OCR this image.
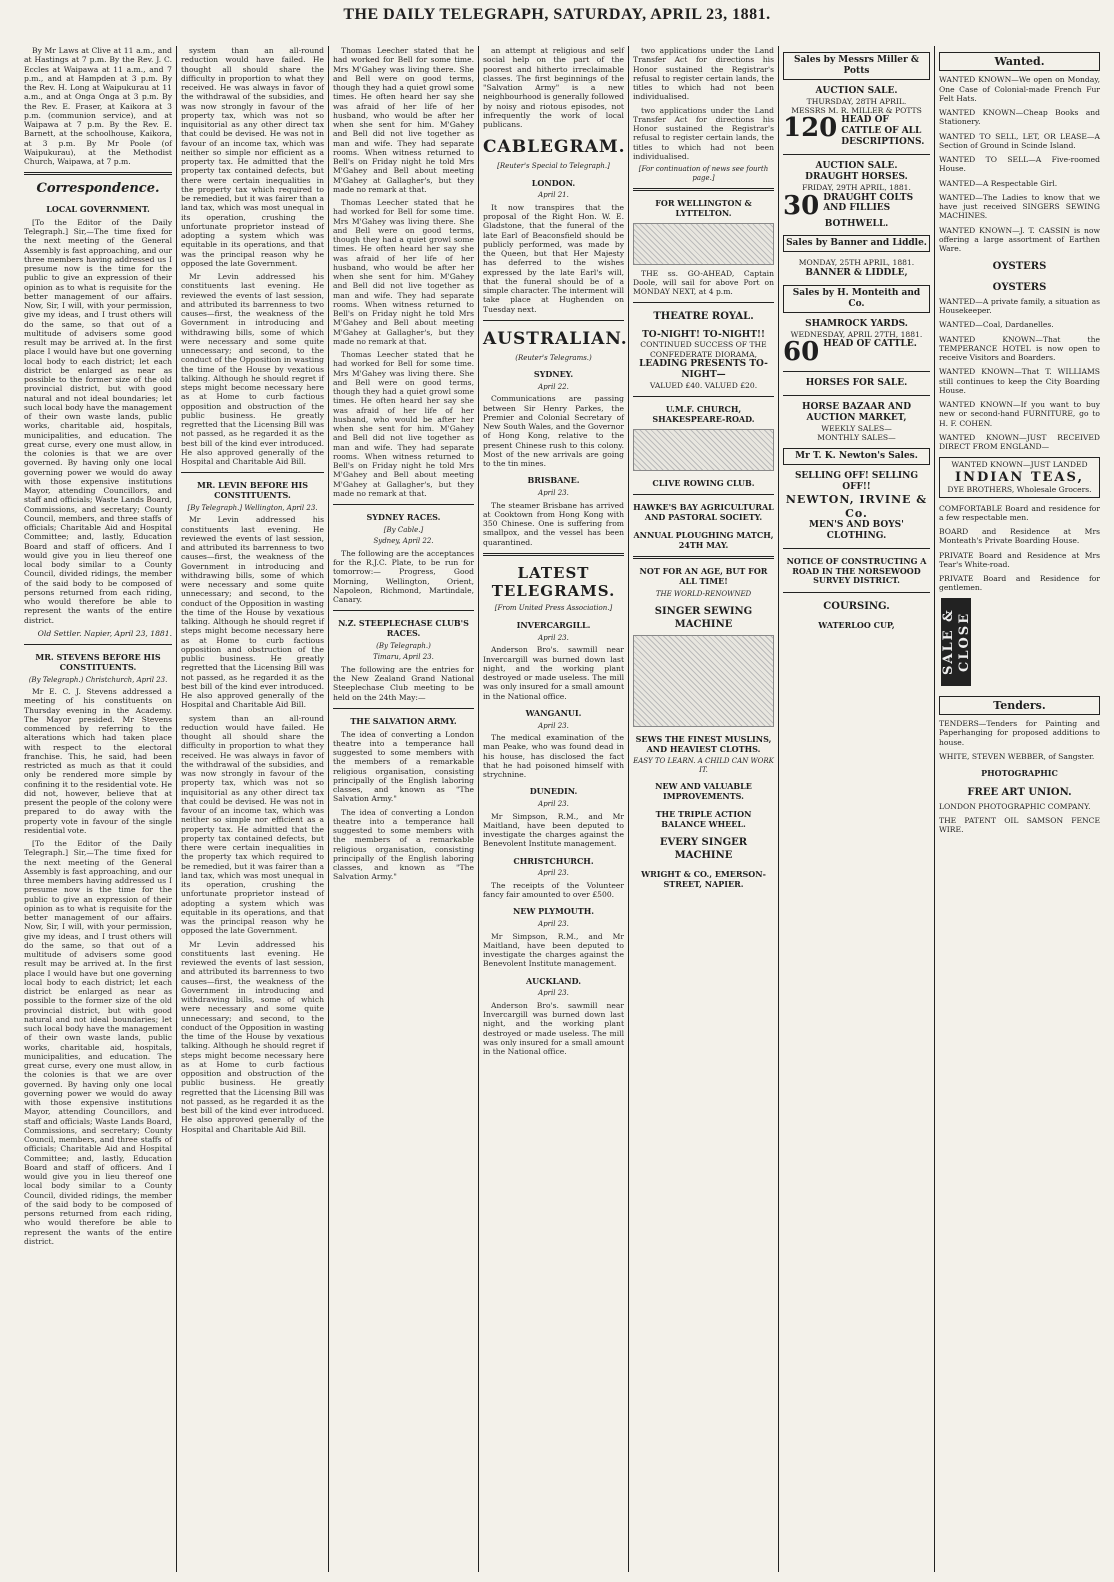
THE DAILY TELEGRAPH, SATURDAY, APRIL 23, 1881.

By Mr Laws at Clive at 11 a.m., and at Hastings at 7 p.m. By the Rev. J. C. Eccles at Waipawa at 11 a.m., and 7 p.m., and at Hampden at 3 p.m. By the Rev. H. Long at Waipukurau at 11 a.m., and at Onga Onga at 3 p.m. By the Rev. E. Fraser, at Kaikora at 3 p.m. (communion service), and at Waipawa at 7 p.m. By the Rev. E. Barnett, at the schoolhouse, Kaikora, at 3 p.m. By Mr Poole (of Waipukurau), at the Methodist Church, Waipawa, at 7 p.m.

Correspondence.
LOCAL GOVERNMENT.

[To the Editor of the Daily Telegraph.] Sir,—The time fixed for the next meeting of the General Assembly is fast approaching, and our three members having addressed us I presume now is the time for the public to give an expression of their opinion as to what is requisite for the better management of our affairs. Now, Sir, I will, with your permission, give my ideas, and I trust others will do the same, so that out of a multitude of advisers some good result may be arrived at. In the first place I would have but one governing local body to each district; let each district be enlarged as near as possible to the former size of the old provincial district, but with good natural and not ideal boundaries; let such local body have the management of their own waste lands, public works, charitable aid, hospitals, municipalities, and education. The great curse, every one must allow, in the colonies is that we are over governed. By having only one local governing power we would do away with those expensive institutions Mayor, attending Councillors, and staff and officials; Waste Lands Board, Commissions, and secretary; County Council, members, and three staffs of officials; Charitable Aid and Hospital Committee; and, lastly, Education Board and staff of officers. And I would give you in lieu thereof one local body similar to a County Council, divided ridings, the member of the said body to be composed of persons returned from each riding, who would therefore be able to represent the wants of the entire district.

Old Settler. Napier, April 23, 1881.

MR. STEVENS BEFORE HIS CONSTITUENTS.
(By Telegraph.) Christchurch, April 23.

Mr E. C. J. Stevens addressed a meeting of his constituents on Thursday evening in the Academy. The Mayor presided. Mr Stevens commenced by referring to the alterations which had taken place with respect to the electoral franchise. This, he said, had been restricted as much as that it could only be rendered more simple by confining it to the residential vote. He did not, however, believe that at present the people of the colony were prepared to do away with the property vote in favour of the single residential vote.

[To the Editor of the Daily Telegraph.] Sir,—The time fixed for the next meeting of the General Assembly is fast approaching, and our three members having addressed us I presume now is the time for the public to give an expression of their opinion as to what is requisite for the better management of our affairs. Now, Sir, I will, with your permission, give my ideas, and I trust others will do the same, so that out of a multitude of advisers some good result may be arrived at. In the first place I would have but one governing local body to each district; let each district be enlarged as near as possible to the former size of the old provincial district, but with good natural and not ideal boundaries; let such local body have the management of their own waste lands, public works, charitable aid, hospitals, municipalities, and education. The great curse, every one must allow, in the colonies is that we are over governed. By having only one local governing power we would do away with those expensive institutions Mayor, attending Councillors, and staff and officials; Waste Lands Board, Commissions, and secretary; County Council, members, and three staffs of officials; Charitable Aid and Hospital Committee; and, lastly, Education Board and staff of officers. And I would give you in lieu thereof one local body similar to a County Council, divided ridings, the member of the said body to be composed of persons returned from each riding, who would therefore be able to represent the wants of the entire district.

system than an all-round reduction would have failed. He thought all should share the difficulty in proportion to what they received. He was always in favor of the withdrawal of the subsidies, and was now strongly in favour of the property tax, which was not so inquisitorial as any other direct tax that could be devised. He was not in favour of an income tax, which was neither so simple nor efficient as a property tax. He admitted that the property tax contained defects, but there were certain inequalities in the property tax which required to be remedied, but it was fairer than a land tax, which was most unequal in its operation, crushing the unfortunate proprietor instead of adopting a system which was equitable in its operations, and that was the principal reason why he opposed the late Government.

Mr Levin addressed his constituents last evening. He reviewed the events of last session, and attributed its barrenness to two causes—first, the weakness of the Government in introducing and withdrawing bills, some of which were necessary and some quite unnecessary; and second, to the conduct of the Opposition in wasting the time of the House by vexatious talking. Although he should regret if steps might become necessary here as at Home to curb factious opposition and obstruction of the public business. He greatly regretted that the Licensing Bill was not passed, as he regarded it as the best bill of the kind ever introduced. He also approved generally of the Hospital and Charitable Aid Bill.

MR. LEVIN BEFORE HIS CONSTITUENTS.
[By Telegraph.] Wellington, April 23.

Mr Levin addressed his constituents last evening. He reviewed the events of last session, and attributed its barrenness to two causes—first, the weakness of the Government in introducing and withdrawing bills, some of which were necessary and some quite unnecessary; and second, to the conduct of the Opposition in wasting the time of the House by vexatious talking. Although he should regret if steps might become necessary here as at Home to curb factious opposition and obstruction of the public business. He greatly regretted that the Licensing Bill was not passed, as he regarded it as the best bill of the kind ever introduced. He also approved generally of the Hospital and Charitable Aid Bill.

system than an all-round reduction would have failed. He thought all should share the difficulty in proportion to what they received. He was always in favor of the withdrawal of the subsidies, and was now strongly in favour of the property tax, which was not so inquisitorial as any other direct tax that could be devised. He was not in favour of an income tax, which was neither so simple nor efficient as a property tax. He admitted that the property tax contained defects, but there were certain inequalities in the property tax which required to be remedied, but it was fairer than a land tax, which was most unequal in its operation, crushing the unfortunate proprietor instead of adopting a system which was equitable in its operations, and that was the principal reason why he opposed the late Government.

Mr Levin addressed his constituents last evening. He reviewed the events of last session, and attributed its barrenness to two causes—first, the weakness of the Government in introducing and withdrawing bills, some of which were necessary and some quite unnecessary; and second, to the conduct of the Opposition in wasting the time of the House by vexatious talking. Although he should regret if steps might become necessary here as at Home to curb factious opposition and obstruction of the public business. He greatly regretted that the Licensing Bill was not passed, as he regarded it as the best bill of the kind ever introduced. He also approved generally of the Hospital and Charitable Aid Bill.

Thomas Leecher stated that he had worked for Bell for some time. Mrs M'Gahey was living there. She and Bell were on good terms, though they had a quiet growl some times. He often heard her say she was afraid of her life of her husband, who would be after her when she sent for him. M'Gahey and Bell did not live together as man and wife. They had separate rooms. When witness returned to Bell's on Friday night he told Mrs M'Gahey and Bell about meeting M'Gahey at Gallagher's, but they made no remark at that.

Thomas Leecher stated that he had worked for Bell for some time. Mrs M'Gahey was living there. She and Bell were on good terms, though they had a quiet growl some times. He often heard her say she was afraid of her life of her husband, who would be after her when she sent for him. M'Gahey and Bell did not live together as man and wife. They had separate rooms. When witness returned to Bell's on Friday night he told Mrs M'Gahey and Bell about meeting M'Gahey at Gallagher's, but they made no remark at that.

Thomas Leecher stated that he had worked for Bell for some time. Mrs M'Gahey was living there. She and Bell were on good terms, though they had a quiet growl some times. He often heard her say she was afraid of her life of her husband, who would be after her when she sent for him. M'Gahey and Bell did not live together as man and wife. They had separate rooms. When witness returned to Bell's on Friday night he told Mrs M'Gahey and Bell about meeting M'Gahey at Gallagher's, but they made no remark at that.

SYDNEY RACES.
[By Cable.]
Sydney, April 22.

The following are the acceptances for the R.J.C. Plate, to be run for tomorrow:— Progress, Good Morning, Wellington, Orient, Napoleon, Richmond, Martindale, Canary.

N.Z. STEEPLECHASE CLUB'S RACES.
(By Telegraph.)
Timaru, April 23.

The following are the entries for the New Zealand Grand National Steeplechase Club meeting to be held on the 24th May:—

THE SALVATION ARMY.

The idea of converting a London theatre into a temperance hall suggested to some members with the members of a remarkable religious organisation, consisting principally of the English laboring classes, and known as "The Salvation Army."

The idea of converting a London theatre into a temperance hall suggested to some members with the members of a remarkable religious organisation, consisting principally of the English laboring classes, and known as "The Salvation Army."

an attempt at religious and self social help on the part of the poorest and hitherto irreclaimable classes. The first beginnings of the "Salvation Army" is a new neighbourhood is generally followed by noisy and riotous episodes, not infrequently the work of local publicans.

CABLEGRAM.
[Reuter's Special to Telegraph.]
LONDON.
April 21.

It now transpires that the proposal of the Right Hon. W. E. Gladstone, that the funeral of the late Earl of Beaconsfield should be publicly performed, was made by the Queen, but that Her Majesty has deferred to the wishes expressed by the late Earl's will, that the funeral should be of a simple character. The interment will take place at Hughenden on Tuesday next.

AUSTRALIAN.
(Reuter's Telegrams.)
SYDNEY.
April 22.

Communications are passing between Sir Henry Parkes, the Premier and Colonial Secretary of New South Wales, and the Governor of Hong Kong, relative to the present Chinese rush to this colony. Most of the new arrivals are going to the tin mines.

BRISBANE.
April 23.

The steamer Brisbane has arrived at Cooktown from Hong Kong with 350 Chinese. One is suffering from smallpox, and the vessel has been quarantined.

LATEST TELEGRAMS.
[From United Press Association.]
INVERCARGILL.
April 23.

Anderson Bro's. sawmill near Invercargill was burned down last night, and the working plant destroyed or made useless. The mill was only insured for a small amount in the National office.

WANGANUI.
April 23.

The medical examination of the man Peake, who was found dead in his house, has disclosed the fact that he had poisoned himself with strychnine.

DUNEDIN.
April 23.

Mr Simpson, R.M., and Mr Maitland, have been deputed to investigate the charges against the Benevolent Institute management.

CHRISTCHURCH.
April 23.

The receipts of the Volunteer fancy fair amounted to over £500.

NEW PLYMOUTH.
April 23.

Mr Simpson, R.M., and Mr Maitland, have been deputed to investigate the charges against the Benevolent Institute management.

AUCKLAND.
April 23.

Anderson Bro's. sawmill near Invercargill was burned down last night, and the working plant destroyed or made useless. The mill was only insured for a small amount in the National office.

two applications under the Land Transfer Act for directions his Honor sustained the Registrar's refusal to register certain lands, the titles to which had not been individualised.

two applications under the Land Transfer Act for directions his Honor sustained the Registrar's refusal to register certain lands, the titles to which had not been individualised.

[For continuation of news see fourth page.]
FOR WELLINGTON & LYTTELTON.

THE ss. GO-AHEAD, Captain Doole, will sail for above Port on MONDAY NEXT, at 4 p.m.

THEATRE ROYAL.
TO-NIGHT! TO-NIGHT!!
CONTINUED SUCCESS OF THE CONFEDERATE DIORAMA,
LEADING PRESENTS TO-NIGHT—
VALUED £40. VALUED £20.
U.M.F. CHURCH, SHAKESPEARE-ROAD.
CLIVE ROWING CLUB.
HAWKE'S BAY AGRICULTURAL AND PASTORAL SOCIETY.
ANNUAL PLOUGHING MATCH, 24TH MAY.
NOT FOR AN AGE, BUT FOR ALL TIME!
THE WORLD-RENOWNED
SINGER SEWING MACHINE
SEWS THE FINEST MUSLINS, AND HEAVIEST CLOTHS.
EASY TO LEARN. A CHILD CAN WORK IT.
NEW AND VALUABLE IMPROVEMENTS.
THE TRIPLE ACTION BALANCE WHEEL.
EVERY SINGER MACHINE
WRIGHT & CO., EMERSON-STREET, NAPIER.
Sales by Messrs Miller & Potts
AUCTION SALE.
THURSDAY, 28TH APRIL.
MESSRS M. R. MILLER & POTTS
120 HEAD OF CATTLE OF ALL DESCRIPTIONS.
AUCTION SALE.
DRAUGHT HORSES.
FRIDAY, 29TH APRIL, 1881.
30 DRAUGHT COLTS AND FILLIES
BOTHWELL.
Sales by Banner and Liddle.
MONDAY, 25TH APRIL, 1881.
BANNER & LIDDLE,
Sales by H. Monteith and Co.
SHAMROCK YARDS.
WEDNESDAY, APRIL 27TH, 1881.
60 HEAD OF CATTLE.
HORSES FOR SALE.
HORSE BAZAAR AND AUCTION MARKET,
WEEKLY SALES—
MONTHLY SALES—
Mr T. K. Newton's Sales.
SELLING OFF! SELLING OFF!!
NEWTON, IRVINE & Co.
MEN'S AND BOYS' CLOTHING.
NOTICE OF CONSTRUCTING A ROAD IN THE NORSEWOOD SURVEY DISTRICT.
COURSING.
WATERLOO CUP,
Wanted.

WANTED KNOWN—We open on Monday, One Case of Colonial-made French Fur Felt Hats.

WANTED KNOWN—Cheap Books and Stationery.

WANTED TO SELL, LET, OR LEASE—A Section of Ground in Scinde Island.

WANTED TO SELL—A Five-roomed House.

WANTED—A Respectable Girl.

WANTED—The Ladies to know that we have just received SINGERS SEWING MACHINES.

WANTED KNOWN—J. T. CASSIN is now offering a large assortment of Earthen Ware.

OYSTERS
OYSTERS

WANTED—A private family, a situation as Housekeeper.

WANTED—Coal, Dardanelles.

WANTED KNOWN—That the TEMPERANCE HOTEL is now open to receive Visitors and Boarders.

WANTED KNOWN—That T. WILLIAMS still continues to keep the City Boarding House.

WANTED KNOWN—If you want to buy new or second-hand FURNITURE, go to H. F. COHEN.

WANTED KNOWN—JUST RECEIVED DIRECT FROM ENGLAND—

WANTED KNOWN—JUST LANDED
INDIAN TEAS,
DYE BROTHERS, Wholesale Grocers.

COMFORTABLE Board and residence for a few respectable men.

BOARD and Residence at Mrs Monteath's Private Boarding House.

PRIVATE Board and Residence at Mrs Tear's White-road.

PRIVATE Board and Residence for gentlemen.

SALE & CLOSE
Tenders.

TENDERS—Tenders for Painting and Paperhanging for proposed additions to house.

WHITE, STEVEN WEBBER, of Sangster.

PHOTOGRAPHIC
FREE ART UNION.

LONDON PHOTOGRAPHIC COMPANY.

THE PATENT OIL SAMSON FENCE WIRE.
